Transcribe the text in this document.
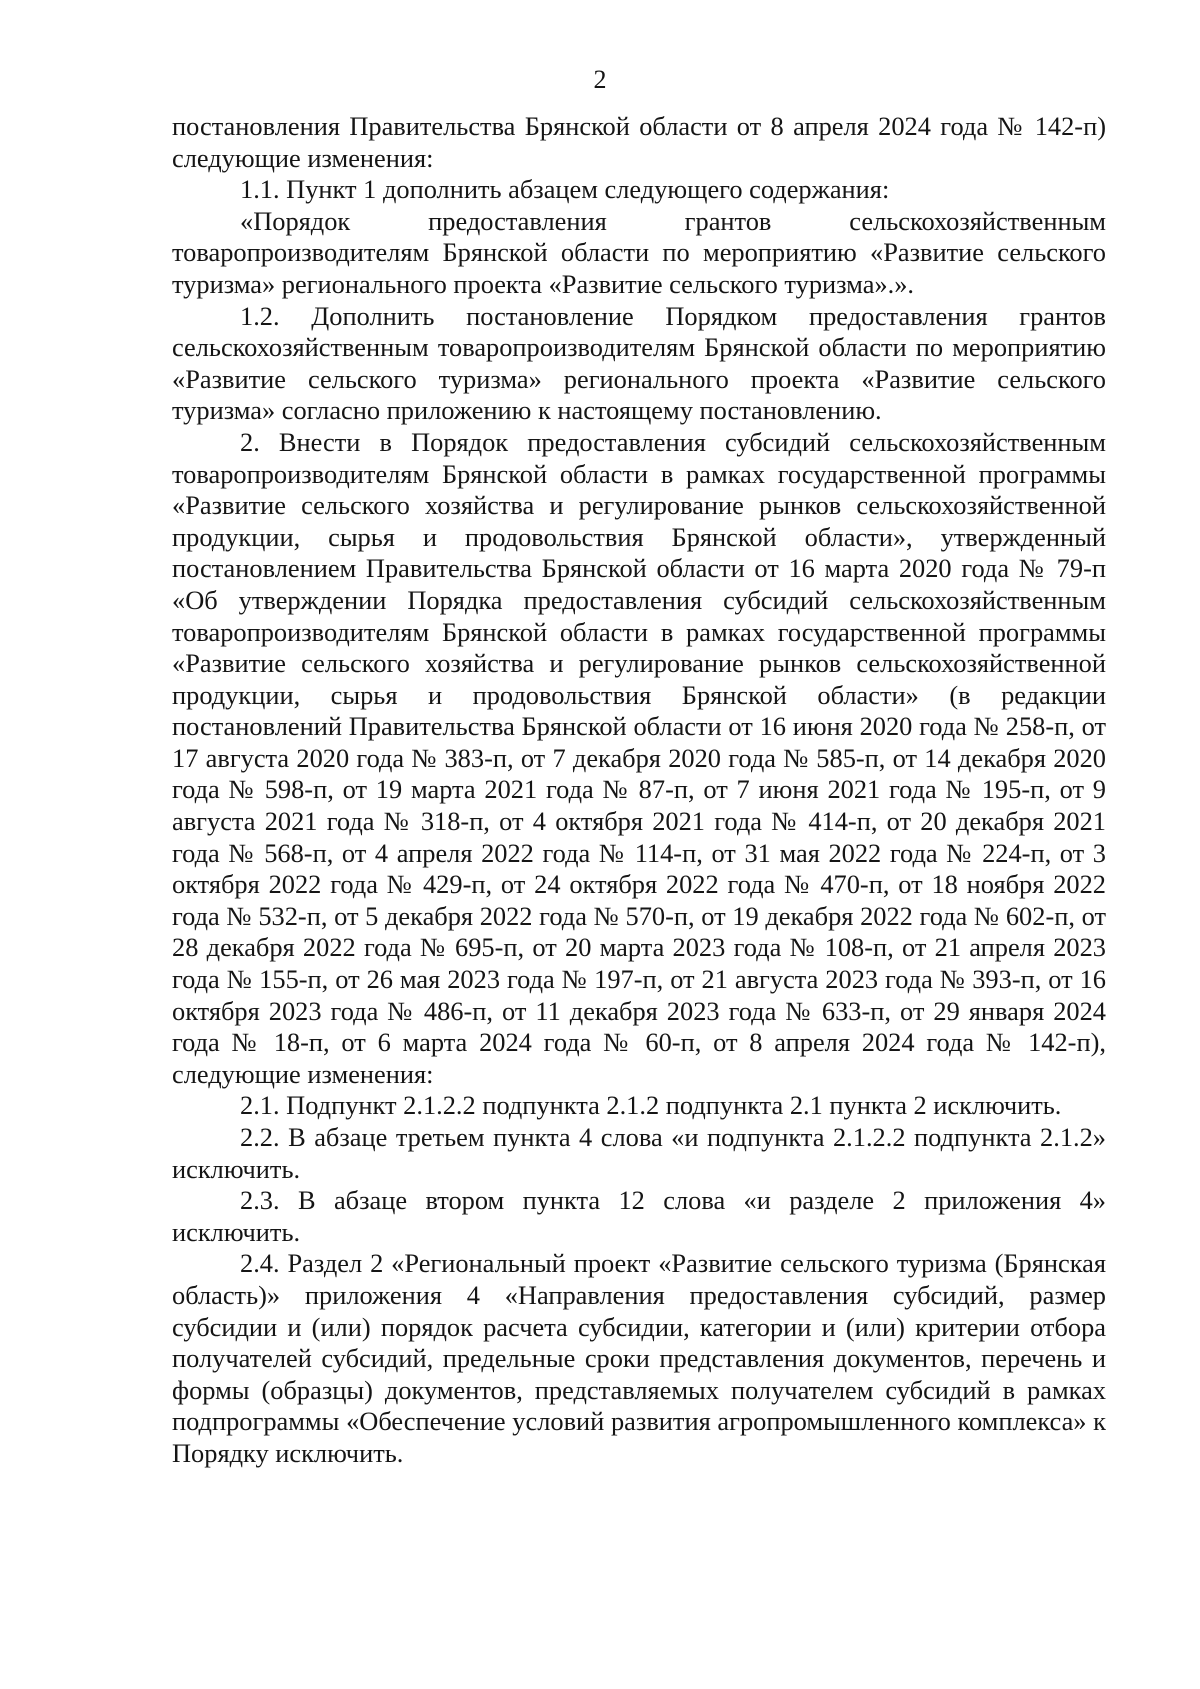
2

постановления Правительства Брянской области от 8 апреля 2024 года № 142-п) следующие изменения:

1.1. Пункт 1 дополнить абзацем следующего содержания:

«Порядок предоставления грантов сельскохозяйственным товаропроизводителям Брянской области по мероприятию «Развитие сельского туризма» регионального проекта «Развитие сельского туризма».».

1.2. Дополнить постановление Порядком предоставления грантов сельскохозяйственным товаропроизводителям Брянской области по мероприятию «Развитие сельского туризма» регионального проекта «Развитие сельского туризма» согласно приложению к настоящему постановлению.

2. Внести в Порядок предоставления субсидий сельскохозяйственным товаропроизводителям Брянской области в рамках государственной программы «Развитие сельского хозяйства и регулирование рынков сельскохозяйственной продукции, сырья и продовольствия Брянской области», утвержденный постановлением Правительства Брянской области от 16 марта 2020 года № 79-п «Об утверждении Порядка предоставления субсидий сельскохозяйственным товаропроизводителям Брянской области в рамках государственной программы «Развитие сельского хозяйства и регулирование рынков сельскохозяйственной продукции, сырья и продовольствия Брянской области» (в редакции постановлений Правительства Брянской области от 16 июня 2020 года № 258-п, от 17 августа 2020 года № 383-п, от 7 декабря 2020 года № 585-п, от 14 декабря 2020 года № 598-п, от 19 марта 2021 года № 87-п, от 7 июня 2021 года № 195-п, от 9 августа 2021 года № 318-п, от 4 октября 2021 года № 414-п, от 20 декабря 2021 года № 568-п, от 4 апреля 2022 года № 114-п, от 31 мая 2022 года № 224-п, от 3 октября 2022 года № 429-п, от 24 октября 2022 года № 470-п, от 18 ноября 2022 года № 532-п, от 5 декабря 2022 года № 570-п, от 19 декабря 2022 года № 602-п, от 28 декабря 2022 года № 695-п, от 20 марта 2023 года № 108-п, от 21 апреля 2023 года № 155-п, от 26 мая 2023 года № 197-п, от 21 августа 2023 года № 393-п, от 16 октября 2023 года № 486-п, от 11 декабря 2023 года № 633-п, от 29 января 2024 года № 18-п, от 6 марта 2024 года № 60-п, от 8 апреля 2024 года № 142-п), следующие изменения:

2.1. Подпункт 2.1.2.2 подпункта 2.1.2 подпункта 2.1 пункта 2 исключить.

2.2. В абзаце третьем пункта 4 слова «и подпункта 2.1.2.2 подпункта 2.1.2» исключить.

2.3. В абзаце втором пункта 12 слова «и разделе 2 приложения 4» исключить.

2.4. Раздел 2 «Региональный проект «Развитие сельского туризма (Брянская область)» приложения 4 «Направления предоставления субсидий, размер субсидии и (или) порядок расчета субсидии, категории и (или) критерии отбора получателей субсидий, предельные сроки представления документов, перечень и формы (образцы) документов, представляемых получателем субсидий в рамках подпрограммы «Обеспечение условий развития агропромышленного комплекса» к Порядку исключить.
